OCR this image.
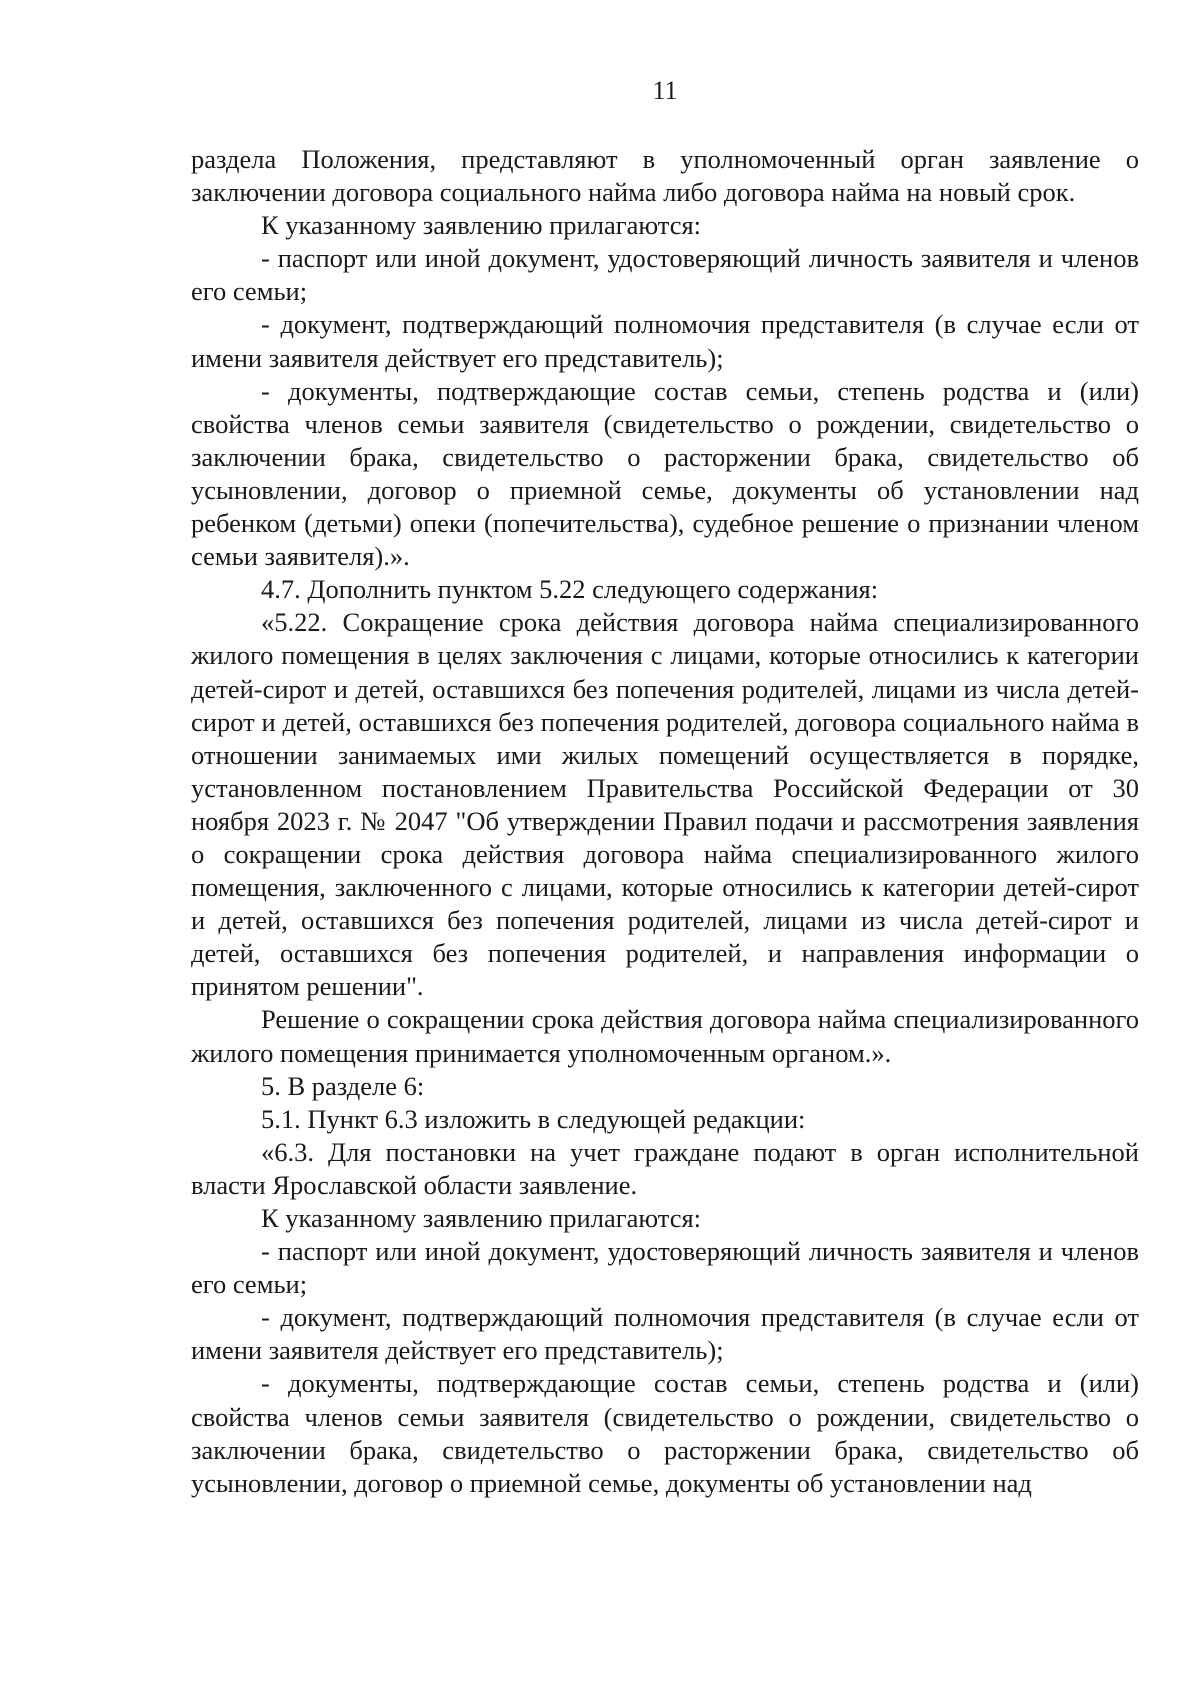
11

раздела Положения, представляют в уполномоченный орган заявление о заключении договора социального найма либо договора найма на новый срок.

К указанному заявлению прилагаются:

- паспорт или иной документ, удостоверяющий личность заявителя и членов его семьи;

- документ, подтверждающий полномочия представителя (в случае если от имени заявителя действует его представитель);

- документы, подтверждающие состав семьи, степень родства и (или) свойства членов семьи заявителя (свидетельство о рождении, свидетельство о заключении брака, свидетельство о расторжении брака, свидетельство об усыновлении, договор о приемной семье, документы об установлении над ребенком (детьми) опеки (попечительства), судебное решение о признании членом семьи заявителя).».

4.7. Дополнить пунктом 5.22 следующего содержания:

«5.22. Сокращение срока действия договора найма специализированного жилого помещения в целях заключения с лицами, которые относились к категории детей-сирот и детей, оставшихся без попечения родителей, лицами из числа детей-сирот и детей, оставшихся без попечения родителей, договора социального найма в отношении занимаемых ими жилых помещений осуществляется в порядке, установленном постановлением Правительства Российской Федерации от 30 ноября 2023 г. № 2047 "Об утверждении Правил подачи и рассмотрения заявления о сокращении срока действия договора найма специализированного жилого помещения, заключенного с лицами, которые относились к категории детей-сирот и детей, оставшихся без попечения родителей, лицами из числа детей-сирот и детей, оставшихся без попечения родителей, и направления информации о принятом решении".

Решение о сокращении срока действия договора найма специализированного жилого помещения принимается уполномоченным органом.».

5. В разделе 6:

5.1. Пункт 6.3 изложить в следующей редакции:

«6.3. Для постановки на учет граждане подают в орган исполнительной власти Ярославской области заявление.

К указанному заявлению прилагаются:

- паспорт или иной документ, удостоверяющий личность заявителя и членов его семьи;

- документ, подтверждающий полномочия представителя (в случае если от имени заявителя действует его представитель);

- документы, подтверждающие состав семьи, степень родства и (или) свойства членов семьи заявителя (свидетельство о рождении, свидетельство о заключении брака, свидетельство о расторжении брака, свидетельство об усыновлении, договор о приемной семье, документы об установлении над
